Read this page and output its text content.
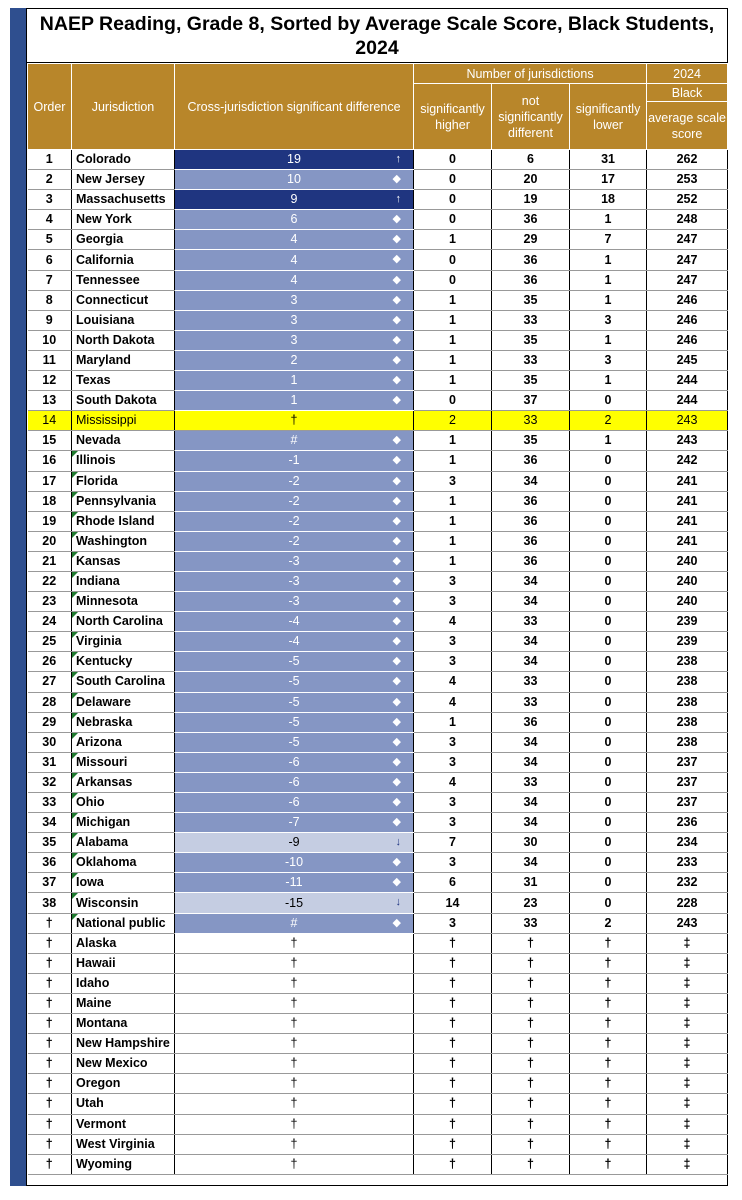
NAEP Reading, Grade 8, Sorted by Average Scale Score, Black Students, 2024
Order	Jurisdiction	Cross-jurisdiction significant difference	Number of jurisdictions			2024
			significantly higher	not significantly different	significantly lower	Black
						average scale score
1	Colorado	19 ↑	0	6	31	262
2	New Jersey	10 ◆	0	20	17	253
3	Massachusetts	9 ↑	0	19	18	252
4	New York	6 ◆	0	36	1	248
5	Georgia	4 ◆	1	29	7	247
6	California	4 ◆	0	36	1	247
7	Tennessee	4 ◆	0	36	1	247
8	Connecticut	3 ◆	1	35	1	246
9	Louisiana	3 ◆	1	33	3	246
10	North Dakota	3 ◆	1	35	1	246
11	Maryland	2 ◆	1	33	3	245
12	Texas	1 ◆	1	35	1	244
13	South Dakota	1 ◆	0	37	0	244
14	Mississippi	†	2	33	2	243
15	Nevada	# ◆	1	35	1	243
16	Illinois	-1 ◆	1	36	0	242
17	Florida	-2 ◆	3	34	0	241
18	Pennsylvania	-2 ◆	1	36	0	241
19	Rhode Island	-2 ◆	1	36	0	241
20	Washington	-2 ◆	1	36	0	241
21	Kansas	-3 ◆	1	36	0	240
22	Indiana	-3 ◆	3	34	0	240
23	Minnesota	-3 ◆	3	34	0	240
24	North Carolina	-4 ◆	4	33	0	239
25	Virginia	-4 ◆	3	34	0	239
26	Kentucky	-5 ◆	3	34	0	238
27	South Carolina	-5 ◆	4	33	0	238
28	Delaware	-5 ◆	4	33	0	238
29	Nebraska	-5 ◆	1	36	0	238
30	Arizona	-5 ◆	3	34	0	238
31	Missouri	-6 ◆	3	34	0	237
32	Arkansas	-6 ◆	4	33	0	237
33	Ohio	-6 ◆	3	34	0	237
34	Michigan	-7 ◆	3	34	0	236
35	Alabama	-9 ↓	7	30	0	234
36	Oklahoma	-10 ◆	3	34	0	233
37	Iowa	-11 ◆	6	31	0	232
38	Wisconsin	-15 ↓	14	23	0	228
†	National public	# ◆	3	33	2	243
†	Alaska	†	†	†	†	‡
†	Hawaii	†	†	†	†	‡
†	Idaho	†	†	†	†	‡
†	Maine	†	†	†	†	‡
†	Montana	†	†	†	†	‡
†	New Hampshire	†	†	†	†	‡
†	New Mexico	†	†	†	†	‡
†	Oregon	†	†	†	†	‡
†	Utah	†	†	†	†	‡
†	Vermont	†	†	†	†	‡
†	West Virginia	†	†	†	†	‡
†	Wyoming	†	†	†	†	‡
